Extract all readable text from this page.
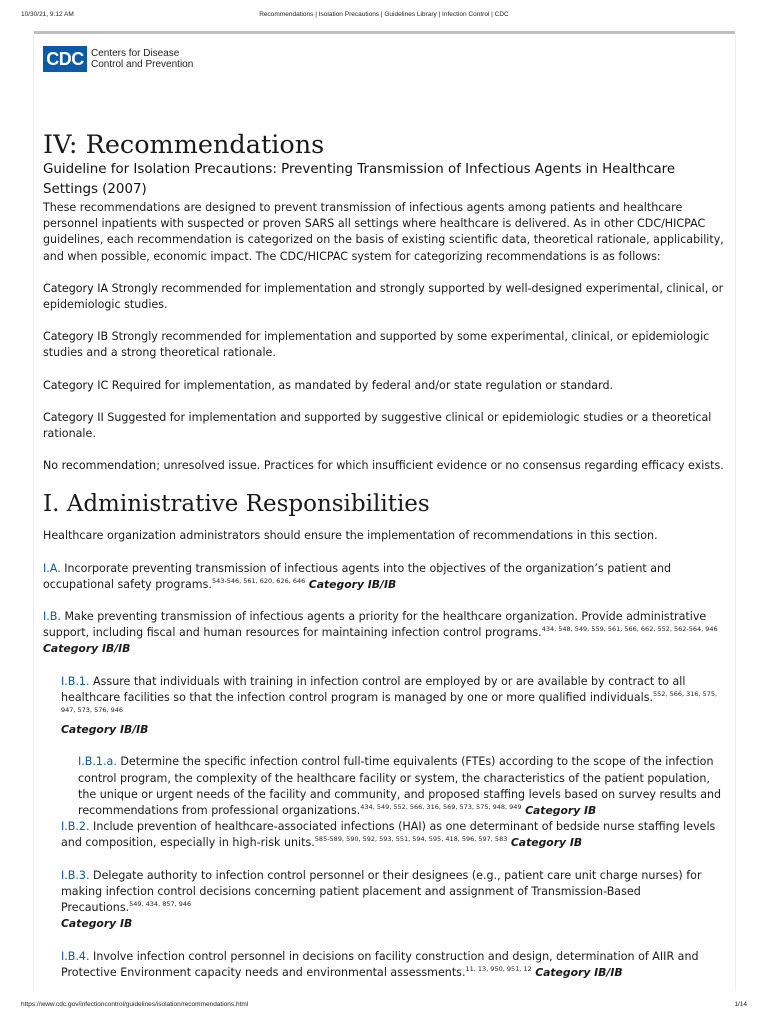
10/30/21, 9:12 AM	Recommendations | Isolation Precautions | Guidelines Library | Infection Control | CDC
CDC Centers for Disease
Control and Prevention
IV: Recommendations
Guideline for Isolation Precautions: Preventing Transmission of Infectious Agents in Healthcare Settings (2007)

These recommendations are designed to prevent transmission of infectious agents among patients and healthcare personnel inpatients with suspected or proven SARS all settings where healthcare is delivered. As in other CDC/HICPAC guidelines, each recommendation is categorized on the basis of existing scientific data, theoretical rationale, applicability, and when possible, economic impact. The CDC/HICPAC system for categorizing recommendations is as follows:

Category IA Strongly recommended for implementation and strongly supported by well-designed experimental, clinical, or epidemiologic studies.

Category IB Strongly recommended for implementation and supported by some experimental, clinical, or epidemiologic studies and a strong theoretical rationale.

Category IC Required for implementation, as mandated by federal and/or state regulation or standard.

Category II Suggested for implementation and supported by suggestive clinical or epidemiologic studies or a theoretical rationale.

No recommendation; unresolved issue. Practices for which insufficient evidence or no consensus regarding efficacy exists.

I. Administrative Responsibilities

Healthcare organization administrators should ensure the implementation of recommendations in this section.

I.A. Incorporate preventing transmission of infectious agents into the objectives of the organization’s patient and occupational safety programs.$^{543-546, 561, 620, 626, 646}$ Category IB/IB

I.B. Make preventing transmission of infectious agents a priority for the healthcare organization. Provide administrative support, including fiscal and human resources for maintaining infection control programs.$^{434, 548, 549, 559, 561, 566, 662, 552, 562-564, 946}$
Category IB/IB

I.B.1. Assure that individuals with training in infection control are employed by or are available by contract to all healthcare facilities so that the infection control program is managed by one or more qualified individuals.$^{552, 566, 316, 575, 947, 573, 576, 946}$
Category IB/IB

I.B.1.a. Determine the specific infection control full-time equivalents (FTEs) according to the scope of the infection control program, the complexity of the healthcare facility or system, the characteristics of the patient population, the unique or urgent needs of the facility and community, and proposed staffing levels based on survey results and recommendations from professional organizations.$^{434, 549, 552, 566, 316, 569, 573, 575, 948, 949}$ Category IB

I.B.2. Include prevention of healthcare-associated infections (HAI) as one determinant of bedside nurse staffing levels and composition, especially in high-risk units.$^{585-589, 590, 592, 593, 551, 594, 595, 418, 596, 597, 583}$ Category IB

I.B.3. Delegate authority to infection control personnel or their designees (e.g., patient care unit charge nurses) for making infection control decisions concerning patient placement and assignment of Transmission-Based Precautions.$^{549, 434, 857, 946}$
Category IB

I.B.4. Involve infection control personnel in decisions on facility construction and design, determination of AIIR and Protective Environment capacity needs and environmental assessments.$^{11, 13, 950, 951, 12}$ Category IB/IB

https://www.cdc.gov/infectioncontrol/guidelines/isolation/recommendations.html	1/14
